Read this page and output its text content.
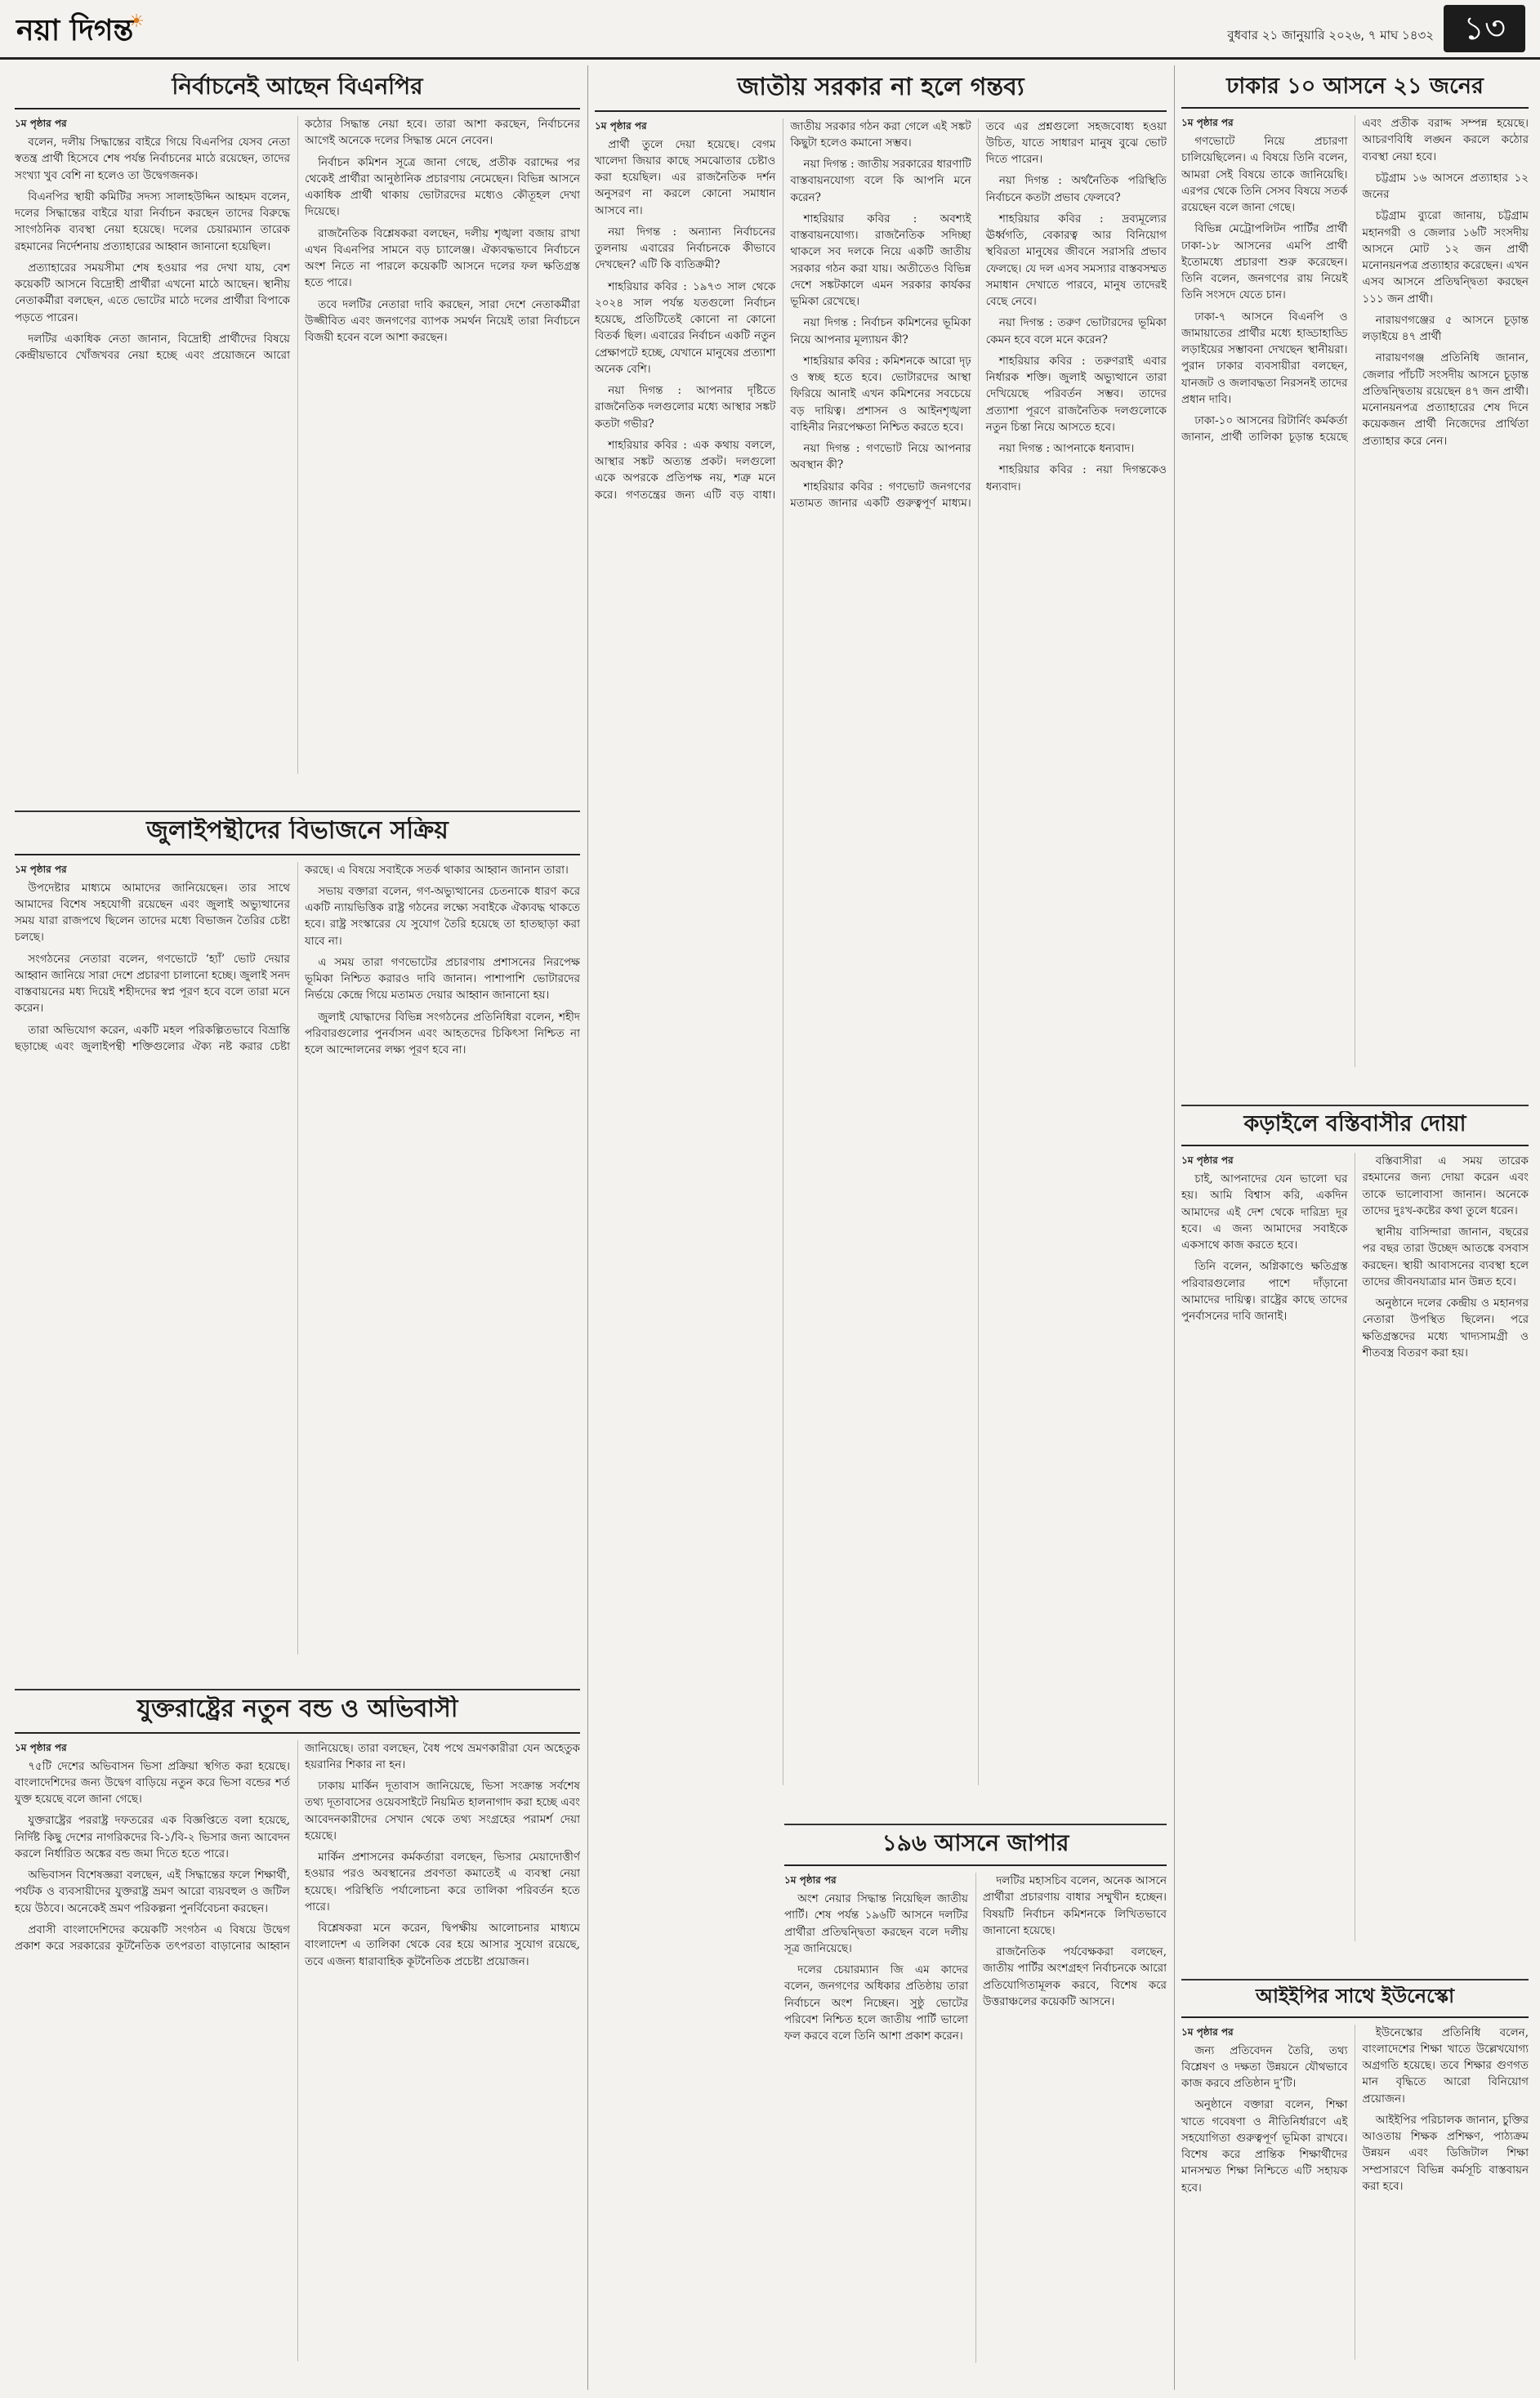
নয়া দিগন্ত☀
বুধবার ২১ জানুয়ারি ২০২৬, ৭ মাঘ ১৪৩২ ১৩
নির্বাচনেই আছেন বিএনপির
১ম পৃষ্ঠার পর

বলেন, দলীয় সিদ্ধান্তের বাইরে গিয়ে বিএনপির যেসব নেতা স্বতন্ত্র প্রার্থী হিসেবে শেষ পর্যন্ত নির্বাচনের মাঠে রয়েছেন, তাদের সংখ্যা খুব বেশি না হলেও তা উদ্বেগজনক।

বিএনপির স্থায়ী কমিটির সদস্য সালাহউদ্দিন আহমদ বলেন, দলের সিদ্ধান্তের বাইরে যারা নির্বাচন করছেন তাদের বিরুদ্ধে সাংগঠনিক ব্যবস্থা নেয়া হয়েছে। দলের চেয়ারম্যান তারেক রহমানের নির্দেশনায় প্রত্যাহারের আহ্বান জানানো হয়েছিল।

প্রত্যাহারের সময়সীমা শেষ হওয়ার পর দেখা যায়, বেশ কয়েকটি আসনে বিদ্রোহী প্রার্থীরা এখনো মাঠে আছেন। স্থানীয় নেতাকর্মীরা বলছেন, এতে ভোটের মাঠে দলের প্রার্থীরা বিপাকে পড়তে পারেন।

দলটির একাধিক নেতা জানান, বিদ্রোহী প্রার্থীদের বিষয়ে কেন্দ্রীয়ভাবে খোঁজখবর নেয়া হচ্ছে এবং প্রয়োজনে আরো কঠোর সিদ্ধান্ত নেয়া হবে। তারা আশা করছেন, নির্বাচনের আগেই অনেকে দলের সিদ্ধান্ত মেনে নেবেন।

নির্বাচন কমিশন সূত্রে জানা গেছে, প্রতীক বরাদ্দের পর থেকেই প্রার্থীরা আনুষ্ঠানিক প্রচারণায় নেমেছেন। বিভিন্ন আসনে একাধিক প্রার্থী থাকায় ভোটারদের মধ্যেও কৌতূহল দেখা দিয়েছে।

রাজনৈতিক বিশ্লেষকরা বলছেন, দলীয় শৃঙ্খলা বজায় রাখা এখন বিএনপির সামনে বড় চ্যালেঞ্জ। ঐক্যবদ্ধভাবে নির্বাচনে অংশ নিতে না পারলে কয়েকটি আসনে দলের ফল ক্ষতিগ্রস্ত হতে পারে।

তবে দলটির নেতারা দাবি করছেন, সারা দেশে নেতাকর্মীরা উজ্জীবিত এবং জনগণের ব্যাপক সমর্থন নিয়েই তারা নির্বাচনে বিজয়ী হবেন বলে আশা করছেন।

জুলাইপন্থীদের বিভাজনে সক্রিয়
১ম পৃষ্ঠার পর

উপদেষ্টার মাধ্যমে আমাদের জানিয়েছেন। তার সাথে আমাদের বিশেষ সহযোগী রয়েছেন এবং জুলাই অভ্যুত্থানের সময় যারা রাজপথে ছিলেন তাদের মধ্যে বিভাজন তৈরির চেষ্টা চলছে।

সংগঠনের নেতারা বলেন, গণভোটে ‘হ্যাঁ’ ভোট দেয়ার আহ্বান জানিয়ে সারা দেশে প্রচারণা চালানো হচ্ছে। জুলাই সনদ বাস্তবায়নের মধ্য দিয়েই শহীদদের স্বপ্ন পূরণ হবে বলে তারা মনে করেন।

তারা অভিযোগ করেন, একটি মহল পরিকল্পিতভাবে বিভ্রান্তি ছড়াচ্ছে এবং জুলাইপন্থী শক্তিগুলোর ঐক্য নষ্ট করার চেষ্টা করছে। এ বিষয়ে সবাইকে সতর্ক থাকার আহ্বান জানান তারা।

সভায় বক্তারা বলেন, গণ-অভ্যুত্থানের চেতনাকে ধারণ করে একটি ন্যায়ভিত্তিক রাষ্ট্র গঠনের লক্ষ্যে সবাইকে ঐক্যবদ্ধ থাকতে হবে। রাষ্ট্র সংস্কারের যে সুযোগ তৈরি হয়েছে তা হাতছাড়া করা যাবে না।

এ সময় তারা গণভোটের প্রচারণায় প্রশাসনের নিরপেক্ষ ভূমিকা নিশ্চিত করারও দাবি জানান। পাশাপাশি ভোটারদের নির্ভয়ে কেন্দ্রে গিয়ে মতামত দেয়ার আহ্বান জানানো হয়।

জুলাই যোদ্ধাদের বিভিন্ন সংগঠনের প্রতিনিধিরা বলেন, শহীদ পরিবারগুলোর পুনর্বাসন এবং আহতদের চিকিৎসা নিশ্চিত না হলে আন্দোলনের লক্ষ্য পূরণ হবে না।

যুক্তরাষ্ট্রের নতুন বন্ড ও অভিবাসী
১ম পৃষ্ঠার পর

৭৫টি দেশের অভিবাসন ভিসা প্রক্রিয়া স্থগিত করা হয়েছে। বাংলাদেশিদের জন্য উদ্বেগ বাড়িয়ে নতুন করে ভিসা বন্ডের শর্ত যুক্ত হয়েছে বলে জানা গেছে।

যুক্তরাষ্ট্রের পররাষ্ট্র দফতরের এক বিজ্ঞপ্তিতে বলা হয়েছে, নির্দিষ্ট কিছু দেশের নাগরিকদের বি-১/বি-২ ভিসার জন্য আবেদন করলে নির্ধারিত অঙ্কের বন্ড জমা দিতে হতে পারে।

অভিবাসন বিশেষজ্ঞরা বলছেন, এই সিদ্ধান্তের ফলে শিক্ষার্থী, পর্যটক ও ব্যবসায়ীদের যুক্তরাষ্ট্র ভ্রমণ আরো ব্যয়বহুল ও জটিল হয়ে উঠবে। অনেকেই ভ্রমণ পরিকল্পনা পুনর্বিবেচনা করছেন।

প্রবাসী বাংলাদেশিদের কয়েকটি সংগঠন এ বিষয়ে উদ্বেগ প্রকাশ করে সরকারের কূটনৈতিক তৎপরতা বাড়ানোর আহ্বান জানিয়েছে। তারা বলছেন, বৈধ পথে ভ্রমণকারীরা যেন অহেতুক হয়রানির শিকার না হন।

ঢাকায় মার্কিন দূতাবাস জানিয়েছে, ভিসা সংক্রান্ত সর্বশেষ তথ্য দূতাবাসের ওয়েবসাইটে নিয়মিত হালনাগাদ করা হচ্ছে এবং আবেদনকারীদের সেখান থেকে তথ্য সংগ্রহের পরামর্শ দেয়া হয়েছে।

মার্কিন প্রশাসনের কর্মকর্তারা বলছেন, ভিসার মেয়াদোত্তীর্ণ হওয়ার পরও অবস্থানের প্রবণতা কমাতেই এ ব্যবস্থা নেয়া হয়েছে। পরিস্থিতি পর্যালোচনা করে তালিকা পরিবর্তন হতে পারে।

বিশ্লেষকরা মনে করেন, দ্বিপক্ষীয় আলোচনার মাধ্যমে বাংলাদেশ এ তালিকা থেকে বের হয়ে আসার সুযোগ রয়েছে, তবে এজন্য ধারাবাহিক কূটনৈতিক প্রচেষ্টা প্রয়োজন।

জাতীয় সরকার না হলে গন্তব্য
১ম পৃষ্ঠার পর

প্রার্থী তুলে দেয়া হয়েছে। বেগম খালেদা জিয়ার কাছে সমঝোতার চেষ্টাও করা হয়েছিল। এর রাজনৈতিক দর্শন অনুসরণ না করলে কোনো সমাধান আসবে না।

নয়া দিগন্ত : অন্যান্য নির্বাচনের তুলনায় এবারের নির্বাচনকে কীভাবে দেখছেন? এটি কি ব্যতিক্রমী?

শাহরিয়ার কবির : ১৯৭৩ সাল থেকে ২০২৪ সাল পর্যন্ত যতগুলো নির্বাচন হয়েছে, প্রতিটিতেই কোনো না কোনো বিতর্ক ছিল। এবারের নির্বাচন একটি নতুন প্রেক্ষাপটে হচ্ছে, যেখানে মানুষের প্রত্যাশা অনেক বেশি।

নয়া দিগন্ত : আপনার দৃষ্টিতে রাজনৈতিক দলগুলোর মধ্যে আস্থার সঙ্কট কতটা গভীর?

শাহরিয়ার কবির : এক কথায় বললে, আস্থার সঙ্কট অত্যন্ত প্রকট। দলগুলো একে অপরকে প্রতিপক্ষ নয়, শত্রু মনে করে। গণতন্ত্রের জন্য এটি বড় বাধা। জাতীয় সরকার গঠন করা গেলে এই সঙ্কট কিছুটা হলেও কমানো সম্ভব।

নয়া দিগন্ত : জাতীয় সরকারের ধারণাটি বাস্তবায়নযোগ্য বলে কি আপনি মনে করেন?

শাহরিয়ার কবির : অবশ্যই বাস্তবায়নযোগ্য। রাজনৈতিক সদিচ্ছা থাকলে সব দলকে নিয়ে একটি জাতীয় সরকার গঠন করা যায়। অতীতেও বিভিন্ন দেশে সঙ্কটকালে এমন সরকার কার্যকর ভূমিকা রেখেছে।

নয়া দিগন্ত : নির্বাচন কমিশনের ভূমিকা নিয়ে আপনার মূল্যায়ন কী?

শাহরিয়ার কবির : কমিশনকে আরো দৃঢ় ও স্বচ্ছ হতে হবে। ভোটারদের আস্থা ফিরিয়ে আনাই এখন কমিশনের সবচেয়ে বড় দায়িত্ব। প্রশাসন ও আইনশৃঙ্খলা বাহিনীর নিরপেক্ষতা নিশ্চিত করতে হবে।

নয়া দিগন্ত : গণভোট নিয়ে আপনার অবস্থান কী?

শাহরিয়ার কবির : গণভোট জনগণের মতামত জানার একটি গুরুত্বপূর্ণ মাধ্যম। তবে এর প্রশ্নগুলো সহজবোধ্য হওয়া উচিত, যাতে সাধারণ মানুষ বুঝে ভোট দিতে পারেন।

নয়া দিগন্ত : অর্থনৈতিক পরিস্থিতি নির্বাচনে কতটা প্রভাব ফেলবে?

শাহরিয়ার কবির : দ্রব্যমূল্যের ঊর্ধ্বগতি, বেকারত্ব আর বিনিয়োগ স্থবিরতা মানুষের জীবনে সরাসরি প্রভাব ফেলছে। যে দল এসব সমস্যার বাস্তবসম্মত সমাধান দেখাতে পারবে, মানুষ তাদেরই বেছে নেবে।

নয়া দিগন্ত : তরুণ ভোটারদের ভূমিকা কেমন হবে বলে মনে করেন?

শাহরিয়ার কবির : তরুণরাই এবার নির্ধারক শক্তি। জুলাই অভ্যুত্থানে তারা দেখিয়েছে পরিবর্তন সম্ভব। তাদের প্রত্যাশা পূরণে রাজনৈতিক দলগুলোকে নতুন চিন্তা নিয়ে আসতে হবে।

নয়া দিগন্ত : আপনাকে ধন্যবাদ।

শাহরিয়ার কবির : নয়া দিগন্তকেও ধন্যবাদ।

১৯৬ আসনে জাপার
১ম পৃষ্ঠার পর

অংশ নেয়ার সিদ্ধান্ত নিয়েছিল জাতীয় পার্টি। শেষ পর্যন্ত ১৯৬টি আসনে দলটির প্রার্থীরা প্রতিদ্বন্দ্বিতা করছেন বলে দলীয় সূত্র জানিয়েছে।

দলের চেয়ারম্যান জি এম কাদের বলেন, জনগণের অধিকার প্রতিষ্ঠায় তারা নির্বাচনে অংশ নিচ্ছেন। সুষ্ঠু ভোটের পরিবেশ নিশ্চিত হলে জাতীয় পার্টি ভালো ফল করবে বলে তিনি আশা প্রকাশ করেন।

দলটির মহাসচিব বলেন, অনেক আসনে প্রার্থীরা প্রচারণায় বাধার সম্মুখীন হচ্ছেন। বিষয়টি নির্বাচন কমিশনকে লিখিতভাবে জানানো হয়েছে।

রাজনৈতিক পর্যবেক্ষকরা বলছেন, জাতীয় পার্টির অংশগ্রহণ নির্বাচনকে আরো প্রতিযোগিতামূলক করবে, বিশেষ করে উত্তরাঞ্চলের কয়েকটি আসনে।

ঢাকার ১০ আসনে ২১ জনের
১ম পৃষ্ঠার পর

গণভোটে নিয়ে প্রচারণা চালিয়েছিলেন। এ বিষয়ে তিনি বলেন, আমরা সেই বিষয়ে তাকে জানিয়েছি। এরপর থেকে তিনি সেসব বিষয়ে সতর্ক রয়েছেন বলে জানা গেছে।

বিভিন্ন মেট্রোপলিটন পার্টির প্রার্থী ঢাকা-১৮ আসনের এমপি প্রার্থী ইতোমধ্যে প্রচারণা শুরু করেছেন। তিনি বলেন, জনগণের রায় নিয়েই তিনি সংসদে যেতে চান।

ঢাকা-৭ আসনে বিএনপি ও জামায়াতের প্রার্থীর মধ্যে হাড্ডাহাড্ডি লড়াইয়ের সম্ভাবনা দেখছেন স্থানীয়রা। পুরান ঢাকার ব্যবসায়ীরা বলছেন, যানজট ও জলাবদ্ধতা নিরসনই তাদের প্রধান দাবি।

ঢাকা-১০ আসনের রিটার্নিং কর্মকর্তা জানান, প্রার্থী তালিকা চূড়ান্ত হয়েছে এবং প্রতীক বরাদ্দ সম্পন্ন হয়েছে। আচরণবিধি লঙ্ঘন করলে কঠোর ব্যবস্থা নেয়া হবে।

চট্টগ্রাম ১৬ আসনে প্রত্যাহার ১২ জনের

চট্টগ্রাম ব্যুরো জানায়, চট্টগ্রাম মহানগরী ও জেলার ১৬টি সংসদীয় আসনে মোট ১২ জন প্রার্থী মনোনয়নপত্র প্রত্যাহার করেছেন। এখন এসব আসনে প্রতিদ্বন্দ্বিতা করছেন ১১১ জন প্রার্থী।

নারায়ণগঞ্জের ৫ আসনে চূড়ান্ত লড়াইয়ে ৪৭ প্রার্থী

নারায়ণগঞ্জ প্রতিনিধি জানান, জেলার পাঁচটি সংসদীয় আসনে চূড়ান্ত প্রতিদ্বন্দ্বিতায় রয়েছেন ৪৭ জন প্রার্থী। মনোনয়নপত্র প্রত্যাহারের শেষ দিনে কয়েকজন প্রার্থী নিজেদের প্রার্থিতা প্রত্যাহার করে নেন।

কড়াইলে বস্তিবাসীর দোয়া
১ম পৃষ্ঠার পর

চাই, আপনাদের যেন ভালো ঘর হয়। আমি বিশ্বাস করি, একদিন আমাদের এই দেশ থেকে দারিদ্র্য দূর হবে। এ জন্য আমাদের সবাইকে একসাথে কাজ করতে হবে।

তিনি বলেন, অগ্নিকাণ্ডে ক্ষতিগ্রস্ত পরিবারগুলোর পাশে দাঁড়ানো আমাদের দায়িত্ব। রাষ্ট্রের কাছে তাদের পুনর্বাসনের দাবি জানাই।

বস্তিবাসীরা এ সময় তারেক রহমানের জন্য দোয়া করেন এবং তাকে ভালোবাসা জানান। অনেকে তাদের দুঃখ-কষ্টের কথা তুলে ধরেন।

স্থানীয় বাসিন্দারা জানান, বছরের পর বছর তারা উচ্ছেদ আতঙ্কে বসবাস করছেন। স্থায়ী আবাসনের ব্যবস্থা হলে তাদের জীবনযাত্রার মান উন্নত হবে।

অনুষ্ঠানে দলের কেন্দ্রীয় ও মহানগর নেতারা উপস্থিত ছিলেন। পরে ক্ষতিগ্রস্তদের মধ্যে খাদ্যসামগ্রী ও শীতবস্ত্র বিতরণ করা হয়।

আইইপির সাথে ইউনেস্কো
১ম পৃষ্ঠার পর

জন্য প্রতিবেদন তৈরি, তথ্য বিশ্লেষণ ও দক্ষতা উন্নয়নে যৌথভাবে কাজ করবে প্রতিষ্ঠান দু’টি।

অনুষ্ঠানে বক্তারা বলেন, শিক্ষা খাতে গবেষণা ও নীতিনির্ধারণে এই সহযোগিতা গুরুত্বপূর্ণ ভূমিকা রাখবে। বিশেষ করে প্রান্তিক শিক্ষার্থীদের মানসম্মত শিক্ষা নিশ্চিতে এটি সহায়ক হবে।

ইউনেস্কোর প্রতিনিধি বলেন, বাংলাদেশের শিক্ষা খাতে উল্লেখযোগ্য অগ্রগতি হয়েছে। তবে শিক্ষার গুণগত মান বৃদ্ধিতে আরো বিনিয়োগ প্রয়োজন।

আইইপির পরিচালক জানান, চুক্তির আওতায় শিক্ষক প্রশিক্ষণ, পাঠ্যক্রম উন্নয়ন এবং ডিজিটাল শিক্ষা সম্প্রসারণে বিভিন্ন কর্মসূচি বাস্তবায়ন করা হবে।
